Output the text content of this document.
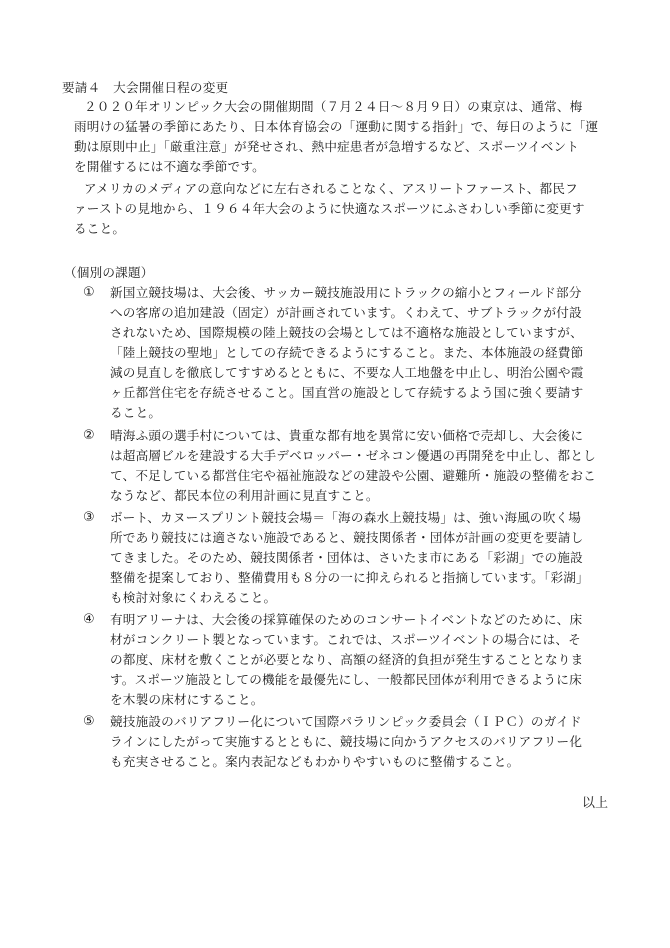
要請４　大会開催日程の変更
２０２０年オリンピック大会の開催期間（７月２４日～８月９日）の東京は、通常、梅
雨明けの猛暑の季節にあたり、日本体育協会の「運動に関する指針」で、毎日のように「運
動は原則中止」「厳重注意」が発せされ、熱中症患者が急増するなど、スポーツイベント
を開催するには不適な季節です。
アメリカのメディアの意向などに左右されることなく、アスリートファースト、都民フ
ァーストの見地から、１９６４年大会のように快適なスポーツにふさわしい季節に変更す
ること。
（個別の課題）
① 新国立競技場は、大会後、サッカー競技施設用にトラックの縮小とフィールド部分
への客席の追加建設（固定）が計画されています。くわえて、サブトラックが付設
されないため、国際規模の陸上競技の会場としては不適格な施設としていますが、
「陸上競技の聖地」としての存続できるようにすること。また、本体施設の経費節
減の見直しを徹底してすすめるとともに、不要な人工地盤を中止し、明治公園や霞
ヶ丘都営住宅を存続させること。国直営の施設として存続するよう国に強く要請す
ること。
② 晴海ふ頭の選手村については、貴重な都有地を異常に安い価格で売却し、大会後に
は超高層ビルを建設する大手デベロッパー・ゼネコン優遇の再開発を中止し、都とし
て、不足している都営住宅や福祉施設などの建設や公園、避難所・施設の整備をおこ
なうなど、都民本位の利用計画に見直すこと。
③ ボート、カヌースプリント競技会場＝「海の森水上競技場」は、強い海風の吹く場
所であり競技には適さない施設であると、競技関係者・団体が計画の変更を要請し
てきました。そのため、競技関係者・団体は、さいたま市にある「彩湖」での施設
整備を提案しており、整備費用も８分の一に抑えられると指摘しています。「彩湖」
も検討対象にくわえること。
④ 有明アリーナは、大会後の採算確保のためのコンサートイベントなどのために、床
材がコンクリート製となっています。これでは、スポーツイベントの場合には、そ
の都度、床材を敷くことが必要となり、高額の経済的負担が発生することとなりま
す。スポーツ施設としての機能を最優先にし、一般都民団体が利用できるように床
を木製の床材にすること。
⑤ 競技施設のバリアフリー化について国際パラリンピック委員会（ＩＰＣ）のガイド
ラインにしたがって実施するとともに、競技場に向かうアクセスのバリアフリー化
も充実させること。案内表記などもわかりやすいものに整備すること。
以上
